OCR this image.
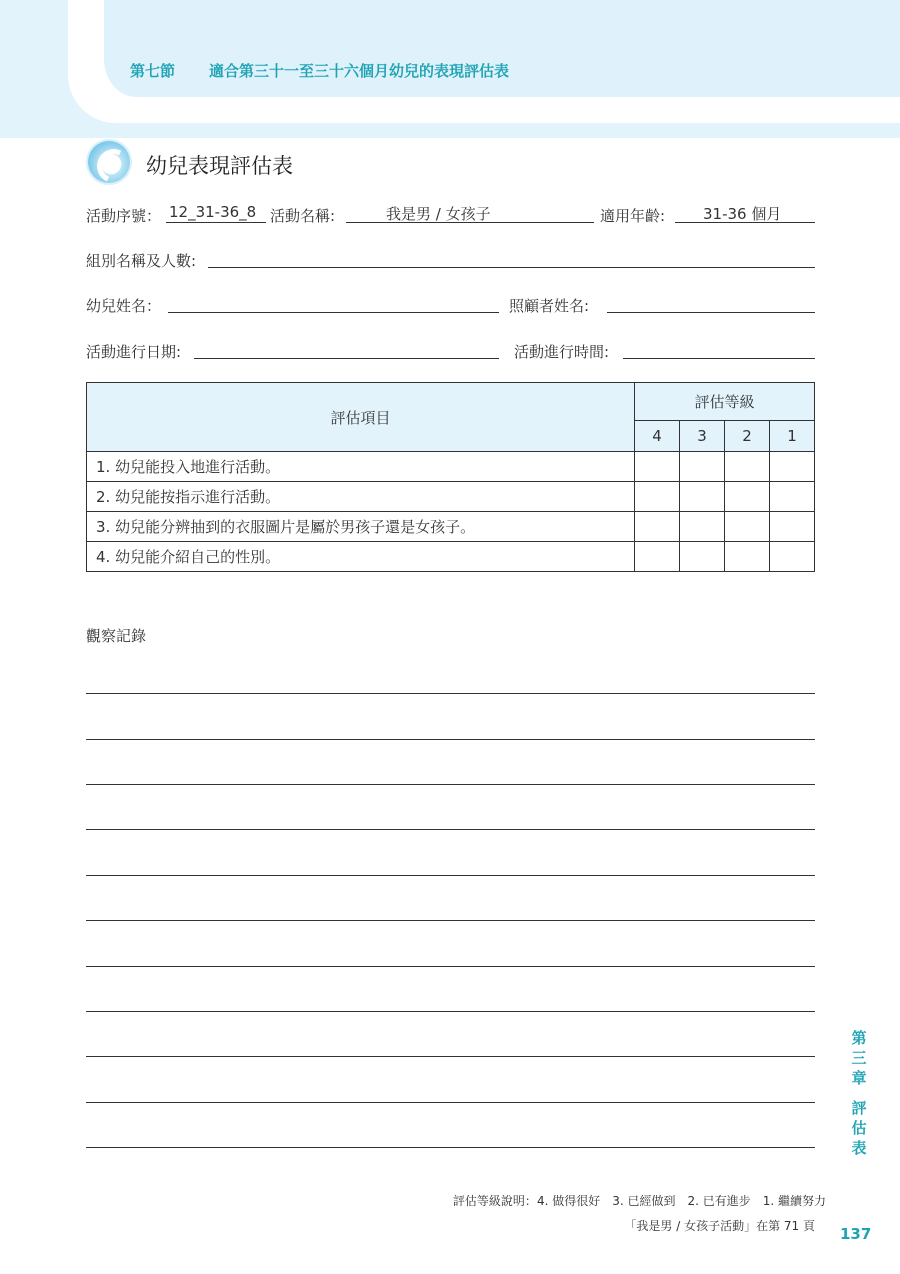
第七節 適合第三十一至三十六個月幼兒的表現評估表
幼兒表現評估表
活動序號： 12_31-36_8 活動名稱:	我是男 / 女孩子	適用年齡:	31-36 個月
組別名稱及人數:
幼兒姓名：	照顧者姓名:
活動進行日期:	活動進行時間:
評估項目	評估等級			
	4	3	2	1
1. 幼兒能投入地進行活動。				
2. 幼兒能按指示進行活動。				
3. 幼兒能分辨抽到的衣服圖片是屬於男孩子還是女孩子。				
4. 幼兒能介紹自己的性別。				
觀察記錄
第
三
章
評
估
表
評估等級說明：4. 做得很好 3. 已經做到 2. 已有進步 1. 繼續努力
「我是男 / 女孩子活動」在第 71 頁 137
